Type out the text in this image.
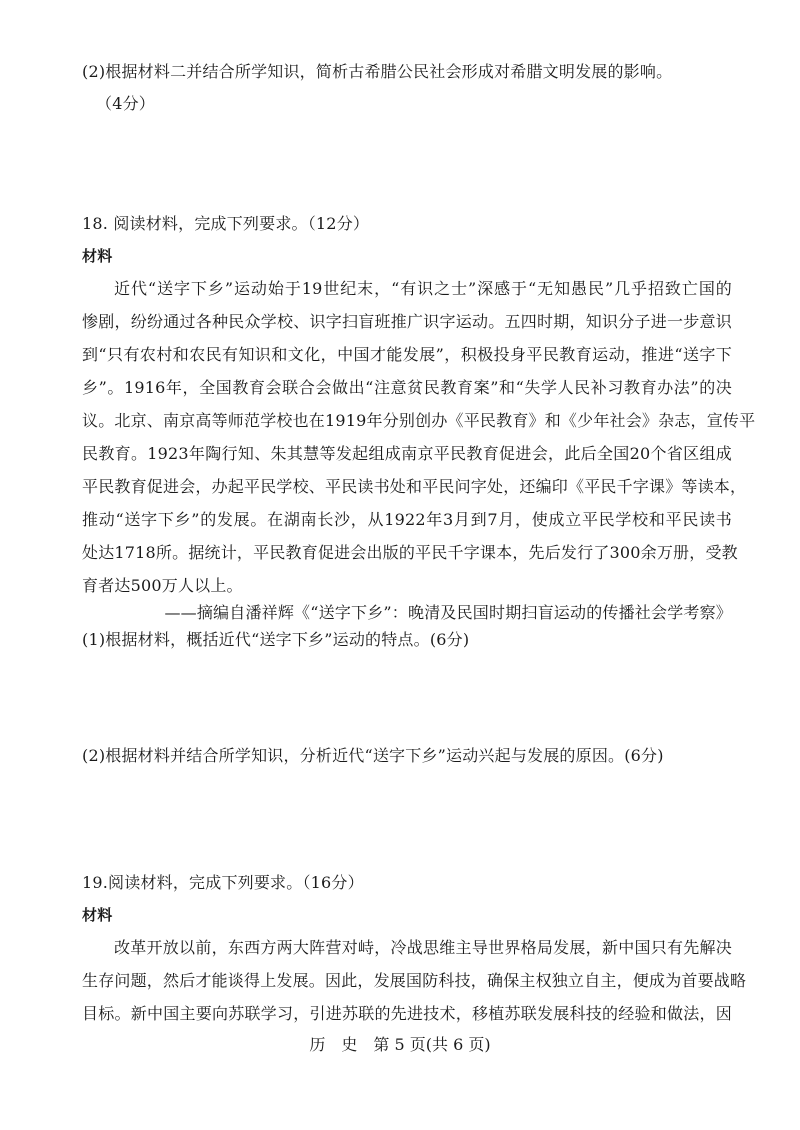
(2)根据材料二并结合所学知识，简析古希腊公民社会形成对希腊文明发展的影响。
（4分）
18. 阅读材料，完成下列要求。（12分）
材料
近代“送字下乡”运动始于19世纪末，“有识之士”深感于“无知愚民”几乎招致亡国的
惨剧，纷纷通过各种民众学校、识字扫盲班推广识字运动。五四时期，知识分子进一步意识
到“只有农村和农民有知识和文化，中国才能发展”，积极投身平民教育运动，推进“送字下
乡”。1916年，全国教育会联合会做出“注意贫民教育案”和“失学人民补习教育办法”的决
议。北京、南京高等师范学校也在1919年分别创办《平民教育》和《少年社会》杂志，宣传平
民教育。1923年陶行知、朱其慧等发起组成南京平民教育促进会，此后全国20个省区组成
平民教育促进会，办起平民学校、平民读书处和平民问字处，还编印《平民千字课》等读本，
推动“送字下乡”的发展。在湖南长沙，从1922年3月到7月，使成立平民学校和平民读书
处达1718所。据统计，平民教育促进会出版的平民千字课本，先后发行了300余万册，受教
育者达500万人以上。
——摘编自潘祥辉《“送字下乡”：晚清及民国时期扫盲运动的传播社会学考察》
(1)根据材料，概括近代“送字下乡”运动的特点。(6分)
(2)根据材料并结合所学知识，分析近代“送字下乡”运动兴起与发展的原因。(6分)
19.阅读材料，完成下列要求。（16分）
材料
改革开放以前，东西方两大阵营对峙，冷战思维主导世界格局发展，新中国只有先解决
生存问题，然后才能谈得上发展。因此，发展国防科技，确保主权独立自主，便成为首要战略
目标。新中国主要向苏联学习，引进苏联的先进技术，移植苏联发展科技的经验和做法，因
历　史　第 5 页(共 6 页)
